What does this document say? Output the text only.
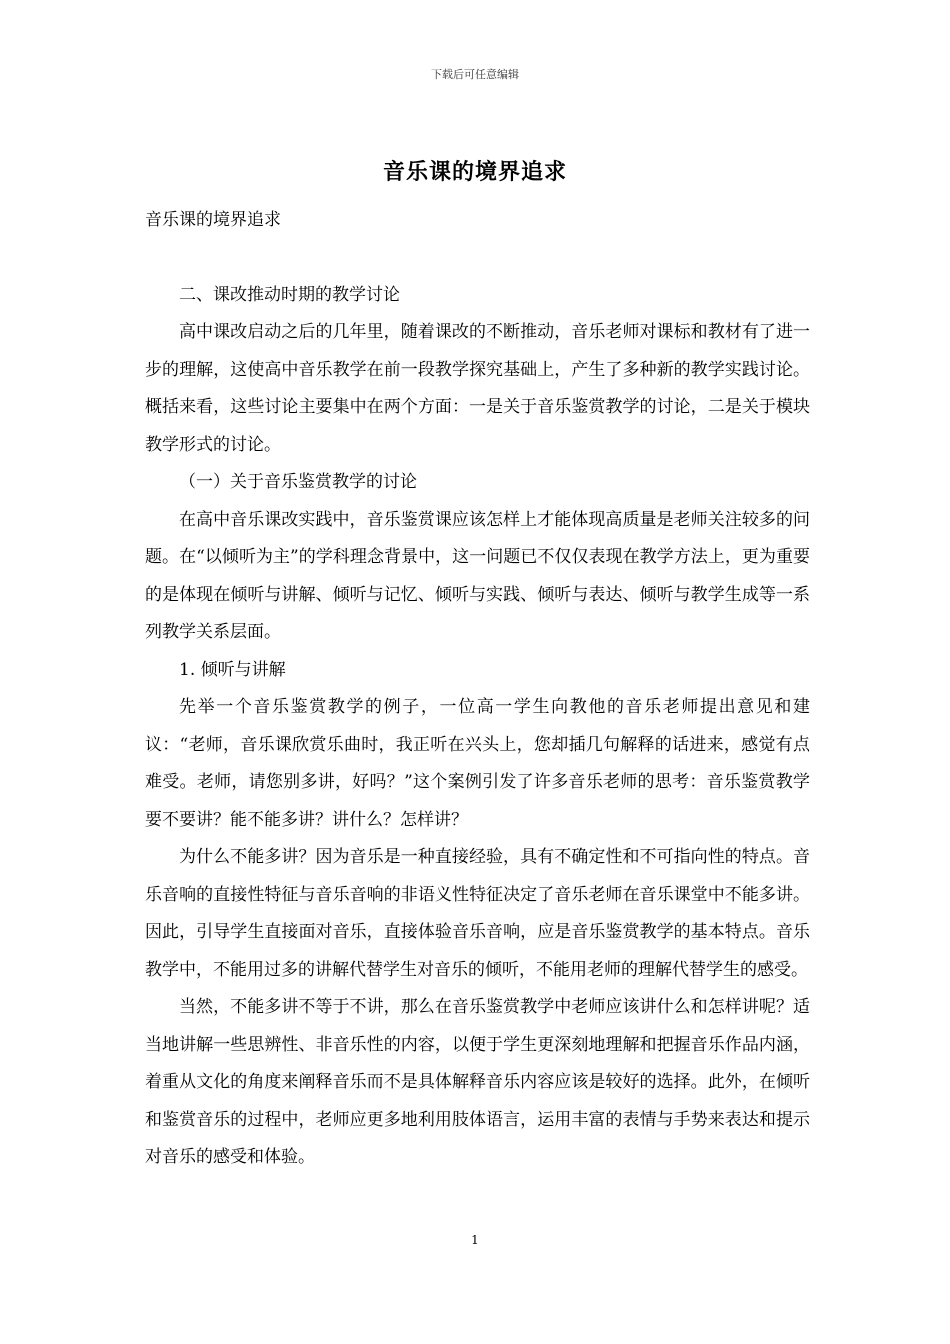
下载后可任意编辑
音乐课的境界追求

音乐课的境界追求

二、课改推动时期的教学讨论

高中课改启动之后的几年里，随着课改的不断推动，音乐老师对课标和教材有了进一步的理解，这使高中音乐教学在前一段教学探究基础上，产生了多种新的教学实践讨论。概括来看，这些讨论主要集中在两个方面：一是关于音乐鉴赏教学的讨论，二是关于模块教学形式的讨论。

（一）关于音乐鉴赏教学的讨论

在高中音乐课改实践中，音乐鉴赏课应该怎样上才能体现高质量是老师关注较多的问题。在“以倾听为主”的学科理念背景中，这一问题已不仅仅表现在教学方法上，更为重要的是体现在倾听与讲解、倾听与记忆、倾听与实践、倾听与表达、倾听与教学生成等一系列教学关系层面。

1. 倾听与讲解

先举一个音乐鉴赏教学的例子，一位高一学生向教他的音乐老师提出意见和建议：“老师，音乐课欣赏乐曲时，我正听在兴头上，您却插几句解释的话进来，感觉有点难受。老师，请您别多讲，好吗？”这个案例引发了许多音乐老师的思考：音乐鉴赏教学要不要讲？能不能多讲？讲什么？怎样讲？

为什么不能多讲？因为音乐是一种直接经验，具有不确定性和不可指向性的特点。音乐音响的直接性特征与音乐音响的非语义性特征决定了音乐老师在音乐课堂中不能多讲。因此，引导学生直接面对音乐，直接体验音乐音响，应是音乐鉴赏教学的基本特点。音乐教学中，不能用过多的讲解代替学生对音乐的倾听，不能用老师的理解代替学生的感受。

当然，不能多讲不等于不讲，那么在音乐鉴赏教学中老师应该讲什么和怎样讲呢？适当地讲解一些思辨性、非音乐性的内容，以便于学生更深刻地理解和把握音乐作品内涵，着重从文化的角度来阐释音乐而不是具体解释音乐内容应该是较好的选择。此外，在倾听和鉴赏音乐的过程中，老师应更多地利用肢体语言，运用丰富的表情与手势来表达和提示对音乐的感受和体验。

1
